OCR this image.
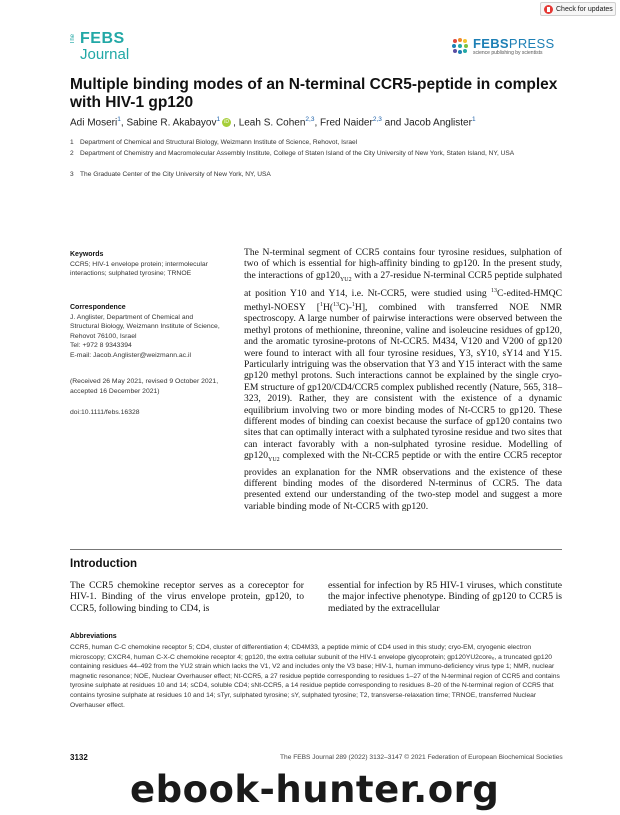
Check for updates
The FEBS
Journal
FEBSPRESS
science publishing by scientists
Multiple binding modes of an N-terminal CCR5-peptide in complex with HIV-1 gp120
Adi Moseri$^1$, Sabine R. Akabayov$^1$ iD , Leah S. Cohen$^{2,3}$, Fred Naider$^{2,3}$ and Jacob Anglister$^1$
1 Department of Chemical and Structural Biology, Weizmann Institute of Science, Rehovot, Israel
2 Department of Chemistry and Macromolecular Assembly Institute, College of Staten Island of the City University of New York, Staten Island, NY, USA
3 The Graduate Center of the City University of New York, NY, USA
Keywords
CCR5; HIV-1 envelope protein; intermolecular interactions; sulphated tyrosine; TRNOE
Correspondence
J. Anglister, Department of Chemical and Structural Biology, Weizmann Institute of Science, Rehovot 76100, Israel
Tel: +972 8 9343394
E-mail: Jacob.Anglister@weizmann.ac.il
(Received 26 May 2021, revised 9 October 2021, accepted 16 December 2021)
doi:10.1111/febs.16328
The N-terminal segment of CCR5 contains four tyrosine residues, sulphation of two of which is essential for high-affinity binding to gp120. In the present study, the interactions of $gp120_{YU2}$ with a 27-residue N-terminal CCR5 peptide sulphated at position Y10 and Y14, i.e. Nt-CCR5, were studied using $^{13}$C-edited-HMQC methyl-NOESY [$^1$H($^{13}$C)-$^1$H], combined with transferred NOE NMR spectroscopy. A large number of pairwise interactions were observed between the methyl protons of methionine, threonine, valine and isoleucine residues of gp120, and the aromatic tyrosine-protons of Nt-CCR5. M434, V120 and V200 of gp120 were found to interact with all four tyrosine residues, Y3, sY10, sY14 and Y15. Particularly intriguing was the observation that Y3 and Y15 interact with the same gp120 methyl protons. Such interactions cannot be explained by the single cryo-EM structure of gp120/CD4/CCR5 complex published recently (Nature, 565, 318–323, 2019). Rather, they are consistent with the existence of a dynamic equilibrium involving two or more binding modes of Nt-CCR5 to gp120. These different modes of binding can coexist because the surface of gp120 contains two sites that can optimally interact with a sulphated tyrosine residue and two sites that can interact favorably with a non-sulphated tyrosine residue. Modelling of $gp120_{YU2}$ complexed with the Nt-CCR5 peptide or with the entire CCR5 receptor provides an explanation for the NMR observations and the existence of these different binding modes of the disordered N-terminus of CCR5. The data presented extend our understanding of the two-step model and suggest a more variable binding mode of Nt-CCR5 with gp120.
Introduction
The CCR5 chemokine receptor serves as a coreceptor for HIV-1. Binding of the virus envelope protein, gp120, to CCR5, following binding to CD4, is
essential for infection by R5 HIV-1 viruses, which constitute the major infective phenotype. Binding of gp120 to CCR5 is mediated by the extracellular
Abbreviations
CCR5, human C-C chemokine receptor 5; CD4, cluster of differentiation 4; CD4M33, a peptide mimic of CD4 used in this study; cryo-EM, cryogenic electron microscopy; CXCR4, human C-X-C chemokine receptor 4; gp120, the extra cellular subunit of the HIV-1 envelope glycoprotein; gp120YU2coreₑ, a truncated gp120 containing residues 44–492 from the YU2 strain which lacks the V1, V2 and includes only the V3 base; HIV-1, human immuno-deficiency virus type 1; NMR, nuclear magnetic resonance; NOE, Nuclear Overhauser effect; Nt-CCR5, a 27 residue peptide corresponding to residues 1–27 of the N-terminal region of CCR5 and contains tyrosine sulphate at residues 10 and 14; sCD4, soluble CD4; sNt-CCR5, a 14 residue peptide corresponding to residues 8–20 of the N-terminal region of CCR5 that contains tyrosine sulphate at residues 10 and 14; sTyr, sulphated tyrosine; sY, sulphated tyrosine; T2, transverse-relaxation time; TRNOE, transferred Nuclear Overhauser effect.
3132	The FEBS Journal 289 (2022) 3132–3147 © 2021 Federation of European Biochemical Societies
ebook-hunter.org
